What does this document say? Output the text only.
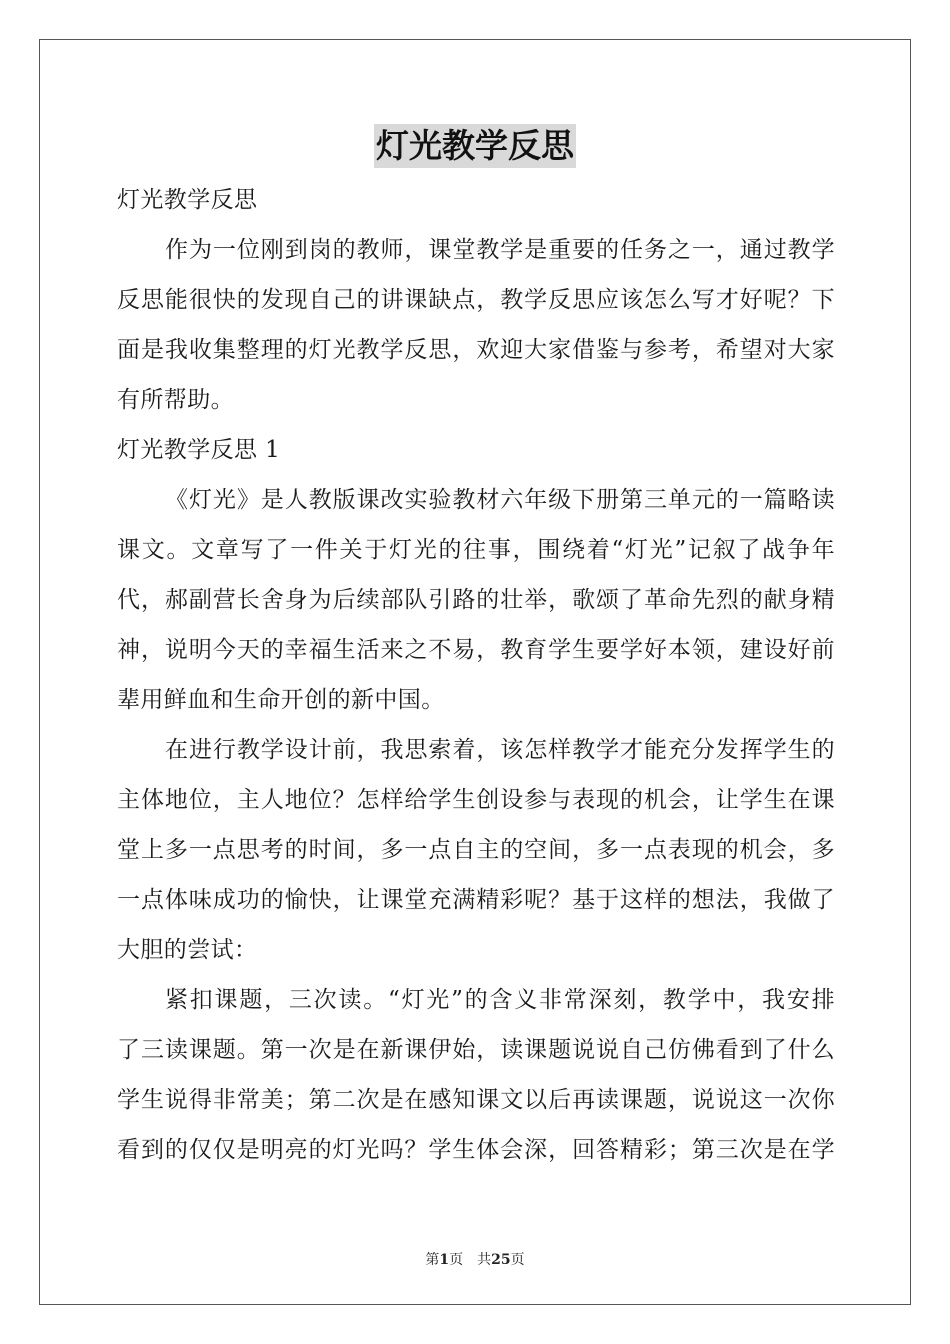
灯光教学反思
灯光教学反思
作为一位刚到岗的教师，课堂教学是重要的任务之一，通过教学
反思能很快的发现自己的讲课缺点，教学反思应该怎么写才好呢？下
面是我收集整理的灯光教学反思，欢迎大家借鉴与参考，希望对大家
有所帮助。
灯光教学反思 1
《灯光》是人教版课改实验教材六年级下册第三单元的一篇略读
课文。文章写了一件关于灯光的往事，围绕着“灯光”记叙了战争年
代，郝副营长舍身为后续部队引路的壮举，歌颂了革命先烈的献身精
神，说明今天的幸福生活来之不易，教育学生要学好本领，建设好前
辈用鲜血和生命开创的新中国。
在进行教学设计前，我思索着，该怎样教学才能充分发挥学生的
主体地位，主人地位？怎样给学生创设参与表现的机会，让学生在课
堂上多一点思考的时间，多一点自主的空间，多一点表现的机会，多
一点体味成功的愉快，让课堂充满精彩呢？基于这样的想法，我做了
大胆的尝试：
紧扣课题，三次读。“灯光”的含义非常深刻，教学中，我安排
了三读课题。第一次是在新课伊始，读课题说说自己仿佛看到了什么
学生说得非常美；第二次是在感知课文以后再读课题，说说这一次你
看到的仅仅是明亮的灯光吗？学生体会深，回答精彩；第三次是在学
第1页　共25页
